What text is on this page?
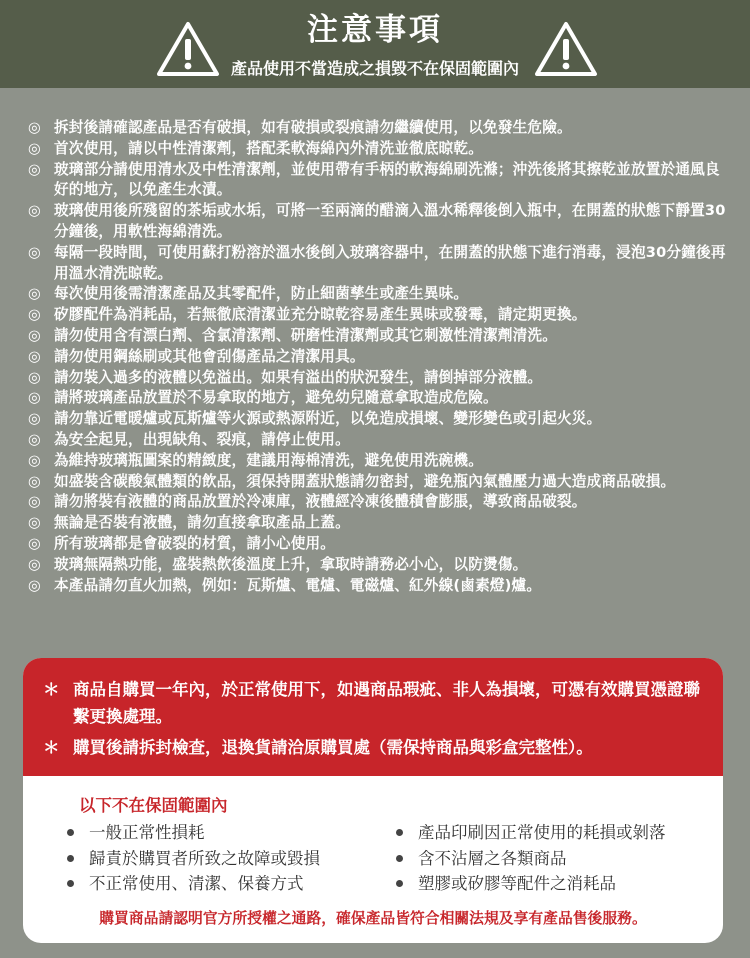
注意事項
產品使用不當造成之損毀不在保固範圍內
◎ 拆封後請確認產品是否有破損，如有破損或裂痕請勿繼續使用，以免發生危險。
◎ 首次使用，請以中性清潔劑，搭配柔軟海綿內外清洗並徹底晾乾。
◎ 玻璃部分請使用清水及中性清潔劑，並使用帶有手柄的軟海綿刷洗滌；沖洗後將其擦乾並放置於通風良好的地方，以免產生水漬。
◎ 玻璃使用後所殘留的茶垢或水垢，可將一至兩滴的醋滴入溫水稀釋後倒入瓶中，在開蓋的狀態下靜置30分鐘後，用軟性海綿清洗。
◎ 每隔一段時間，可使用蘇打粉溶於溫水後倒入玻璃容器中，在開蓋的狀態下進行消毒，浸泡30分鐘後再用溫水清洗晾乾。
◎ 每次使用後需清潔產品及其零配件，防止細菌孳生或產生異味。
◎ 矽膠配件為消耗品，若無徹底清潔並充分晾乾容易產生異味或發霉，請定期更換。
◎ 請勿使用含有漂白劑、含氯清潔劑、研磨性清潔劑或其它刺激性清潔劑清洗。
◎ 請勿使用鋼絲刷或其他會刮傷產品之清潔用具。
◎ 請勿裝入過多的液體以免溢出。如果有溢出的狀況發生，請倒掉部分液體。
◎ 請將玻璃產品放置於不易拿取的地方，避免幼兒隨意拿取造成危險。
◎ 請勿靠近電暖爐或瓦斯爐等火源或熱源附近，以免造成損壞、變形變色或引起火災。
◎ 為安全起見，出現缺角、裂痕，請停止使用。
◎ 為維持玻璃瓶圖案的精緻度，建議用海棉清洗，避免使用洗碗機。
◎ 如盛裝含碳酸氣體類的飲品，須保持開蓋狀態請勿密封，避免瓶內氣體壓力過大造成商品破損。
◎ 請勿將裝有液體的商品放置於冷凍庫，液體經冷凍後體積會膨脹，導致商品破裂。
◎ 無論是否裝有液體，請勿直接拿取產品上蓋。
◎ 所有玻璃都是會破裂的材質，請小心使用。
◎ 玻璃無隔熱功能，盛裝熱飲後溫度上升，拿取時請務必小心，以防燙傷。
◎ 本產品請勿直火加熱，例如：瓦斯爐、電爐、電磁爐、紅外線(鹵素燈)爐。
＊ 商品自購買一年內，於正常使用下，如遇商品瑕疵、非人為損壞，可憑有效購買憑證聯繫更換處理。
＊ 購買後請拆封檢查，退換貨請洽原購買處（需保持商品與彩盒完整性）。
以下不在保固範圍內
一般正常性損耗
歸責於購買者所致之故障或毀損
不正常使用、清潔、保養方式
產品印刷因正常使用的耗損或剝落
含不沾層之各類商品
塑膠或矽膠等配件之消耗品
購買商品請認明官方所授權之通路，確保產品皆符合相關法規及享有產品售後服務。
